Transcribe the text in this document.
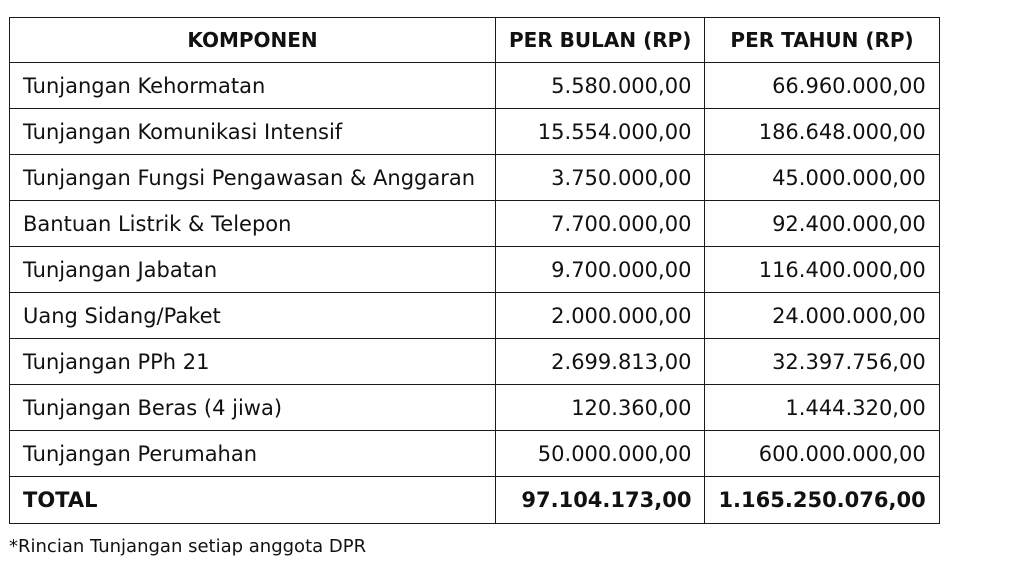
KOMPONEN	PER BULAN (RP)	PER TAHUN (RP)
Tunjangan Kehormatan	5.580.000,00	66.960.000,00
Tunjangan Komunikasi Intensif	15.554.000,00	186.648.000,00
Tunjangan Fungsi Pengawasan & Anggaran	3.750.000,00	45.000.000,00
Bantuan Listrik & Telepon	7.700.000,00	92.400.000,00
Tunjangan Jabatan	9.700.000,00	116.400.000,00
Uang Sidang/Paket	2.000.000,00	24.000.000,00
Tunjangan PPh 21	2.699.813,00	32.397.756,00
Tunjangan Beras (4 jiwa)	120.360,00	1.444.320,00
Tunjangan Perumahan	50.000.000,00	600.000.000,00
TOTAL	97.104.173,00	1.165.250.076,00
*Rincian Tunjangan setiap anggota DPR
